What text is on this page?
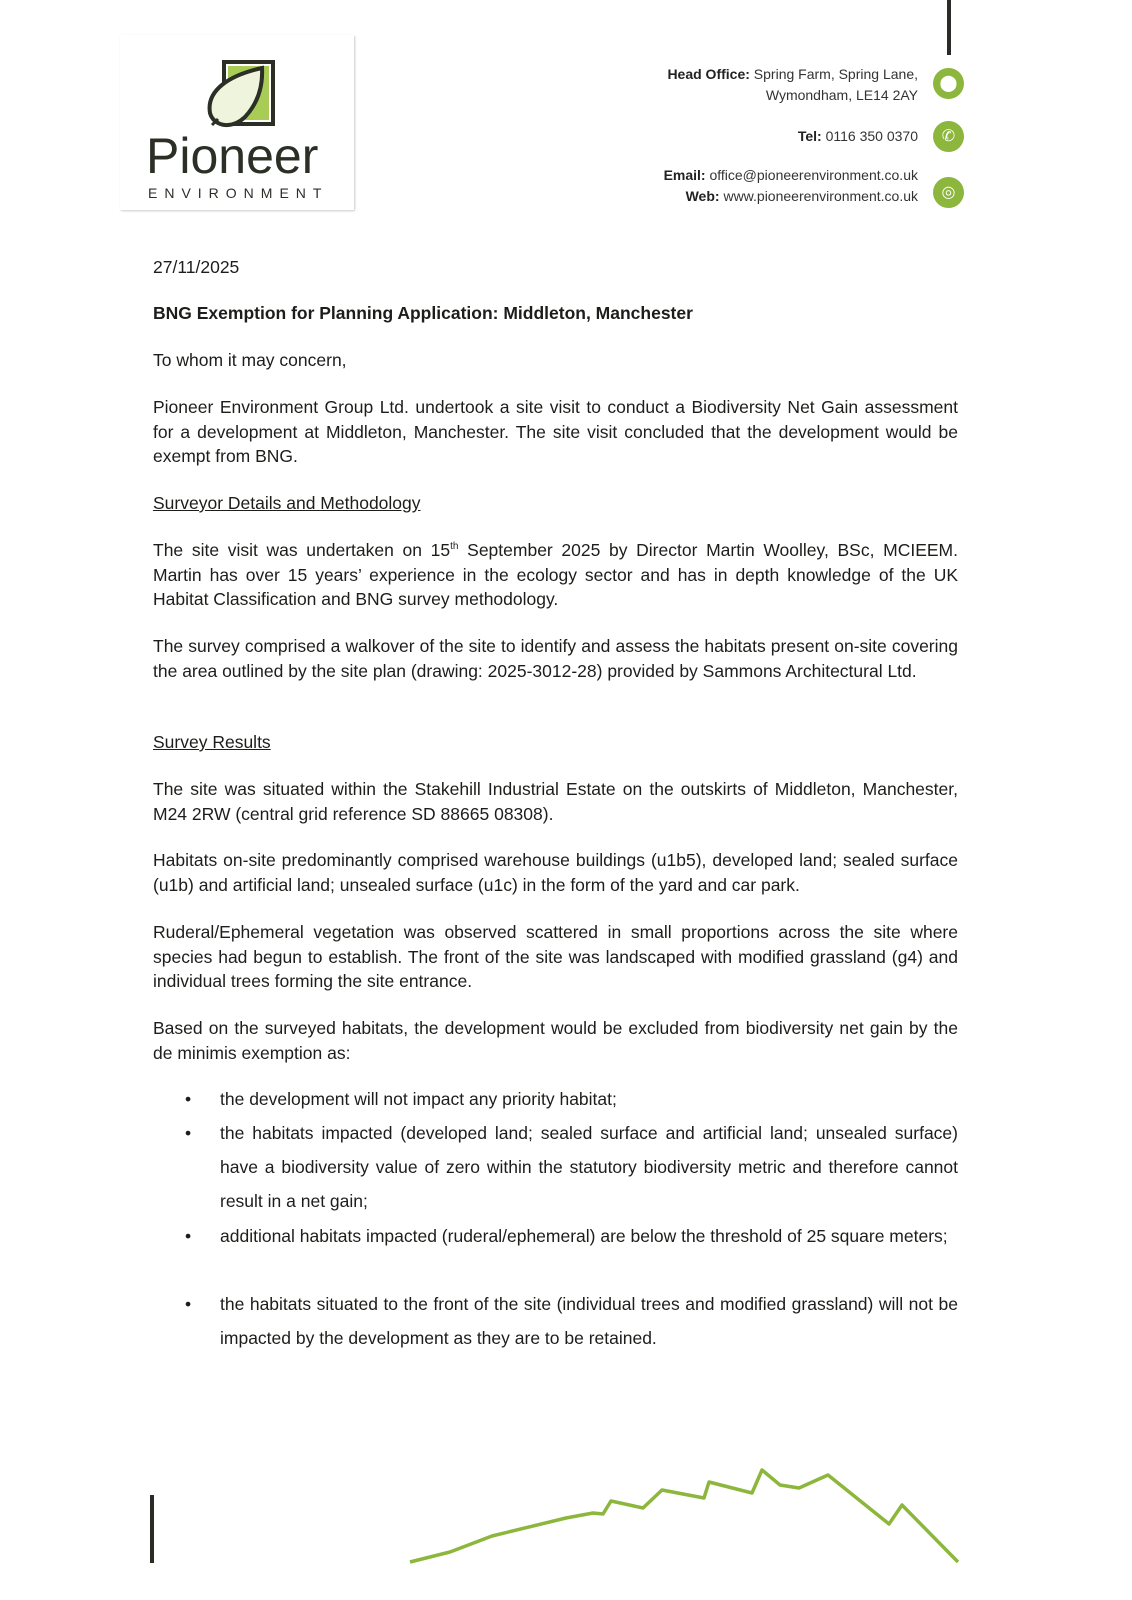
Pioneer
ENVIRONMENT
Head Office: Spring Farm, Spring Lane,
Wymondham, LE14 2AY
⬤
Tel: 0116 350 0370	✆
Email: office@pioneerenvironment.co.uk
Web: www.pioneerenvironment.co.uk	◎
27/11/2025
BNG Exemption for Planning Application: Middleton, Manchester
To whom it may concern,
Pioneer Environment Group Ltd. undertook a site visit to conduct a Biodiversity Net Gain assessment for a development at Middleton, Manchester. The site visit concluded that the development would be exempt from BNG.
Surveyor Details and Methodology
The site visit was undertaken on 15th September 2025 by Director Martin Woolley, BSc, MCIEEM. Martin has over 15 years’ experience in the ecology sector and has in depth knowledge of the UK Habitat Classification and BNG survey methodology.
The survey comprised a walkover of the site to identify and assess the habitats present on-site covering the area outlined by the site plan (drawing: 2025-3012-28) provided by Sammons Architectural Ltd.
Survey Results
The site was situated within the Stakehill Industrial Estate on the outskirts of Middleton, Manchester, M24 2RW (central grid reference SD 88665 08308).
Habitats on-site predominantly comprised warehouse buildings (u1b5), developed land; sealed surface (u1b) and artificial land; unsealed surface (u1c) in the form of the yard and car park.
Ruderal/Ephemeral vegetation was observed scattered in small proportions across the site where species had begun to establish. The front of the site was landscaped with modified grassland (g4) and individual trees forming the site entrance.
Based on the surveyed habitats, the development would be excluded from biodiversity net gain by the de minimis exemption as:
• the development will not impact any priority habitat;
• the habitats impacted (developed land; sealed surface and artificial land; unsealed surface) have a biodiversity value of zero within the statutory biodiversity metric and therefore cannot result in a net gain;
• additional habitats impacted (ruderal/ephemeral) are below the threshold of 25 square meters;
• the habitats situated to the front of the site (individual trees and modified grassland) will not be impacted by the development as they are to be retained.
